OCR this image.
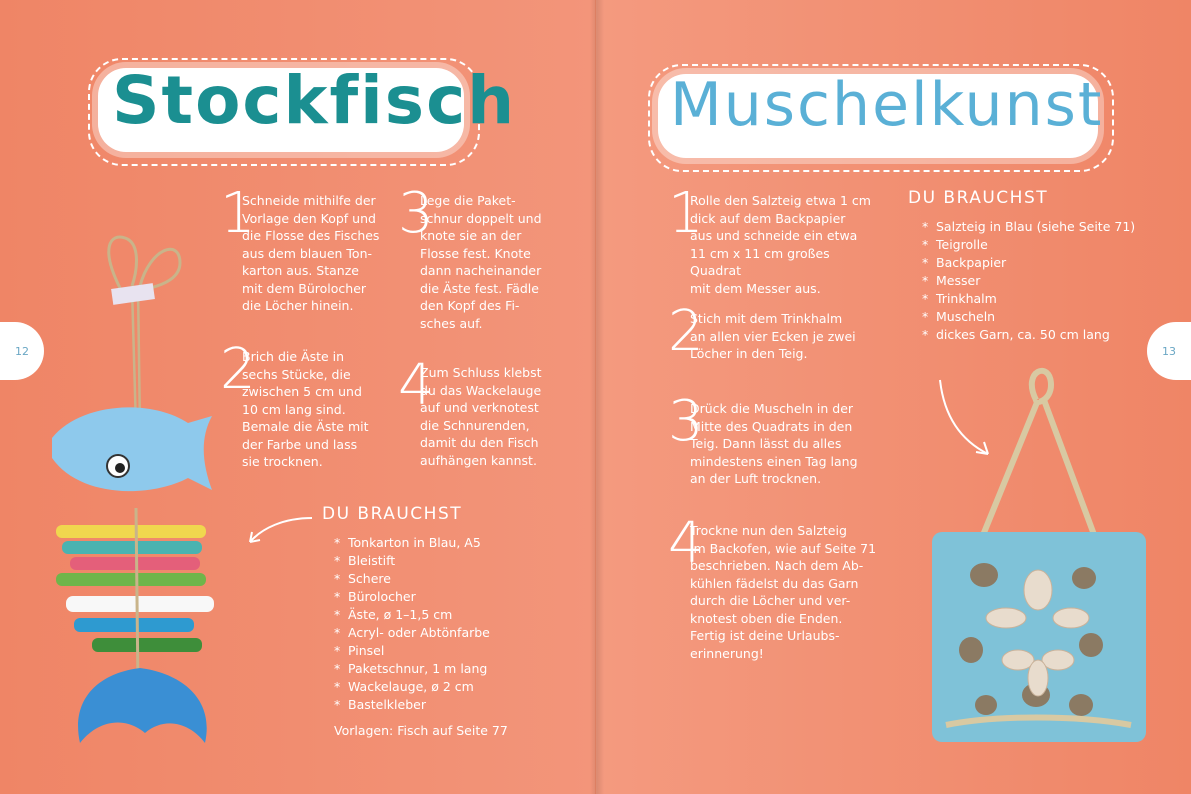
Stockfisch	Muschelkunst
1
Schneide mithilfe der
Vorlage den Kopf und
die Flosse des Fisches
aus dem blauen Ton-
karton aus. Stanze
mit dem Bürolocher
die Löcher hinein.
2
Brich die Äste in
sechs Stücke, die
zwischen 5 cm und
10 cm lang sind.
Bemale die Äste mit
der Farbe und lass
sie trocknen.
3
Lege die Paket-
schnur doppelt und
knote sie an der
Flosse fest. Knote
dann nacheinander
die Äste fest. Fädle
den Kopf des Fi-
sches auf.
4
Zum Schluss klebst
du das Wackelauge
auf und verknotest
die Schnurenden,
damit du den Fisch
aufhängen kannst.
DU BRAUCHST
* Tonkarton in Blau, A5
* Bleistift
* Schere
* Bürolocher
* Äste, ø 1–1,5 cm
* Acryl- oder Abtönfarbe
* Pinsel
* Paketschnur, 1 m lang
* Wackelauge, ø 2 cm
* Bastelkleber
Vorlagen: Fisch auf Seite 77
1
Rolle den Salzteig etwa 1 cm
dick auf dem Backpapier
aus und schneide ein etwa
11 cm x 11 cm großes Quadrat
mit dem Messer aus.
2
Stich mit dem Trinkhalm
an allen vier Ecken je zwei
Löcher in den Teig.
3
Drück die Muscheln in der
Mitte des Quadrats in den
Teig. Dann lässt du alles
mindestens einen Tag lang
an der Luft trocknen.
4
Trockne nun den Salzteig
im Backofen, wie auf Seite 71
beschrieben. Nach dem Ab-
kühlen fädelst du das Garn
durch die Löcher und ver-
knotest oben die Enden.
Fertig ist deine Urlaubs-
erinnerung!
DU BRAUCHST
* Salzteig in Blau (siehe Seite 71)
* Teigrolle
* Backpapier
* Messer
* Trinkhalm
* Muscheln
* dickes Garn, ca. 50 cm lang
12	13
